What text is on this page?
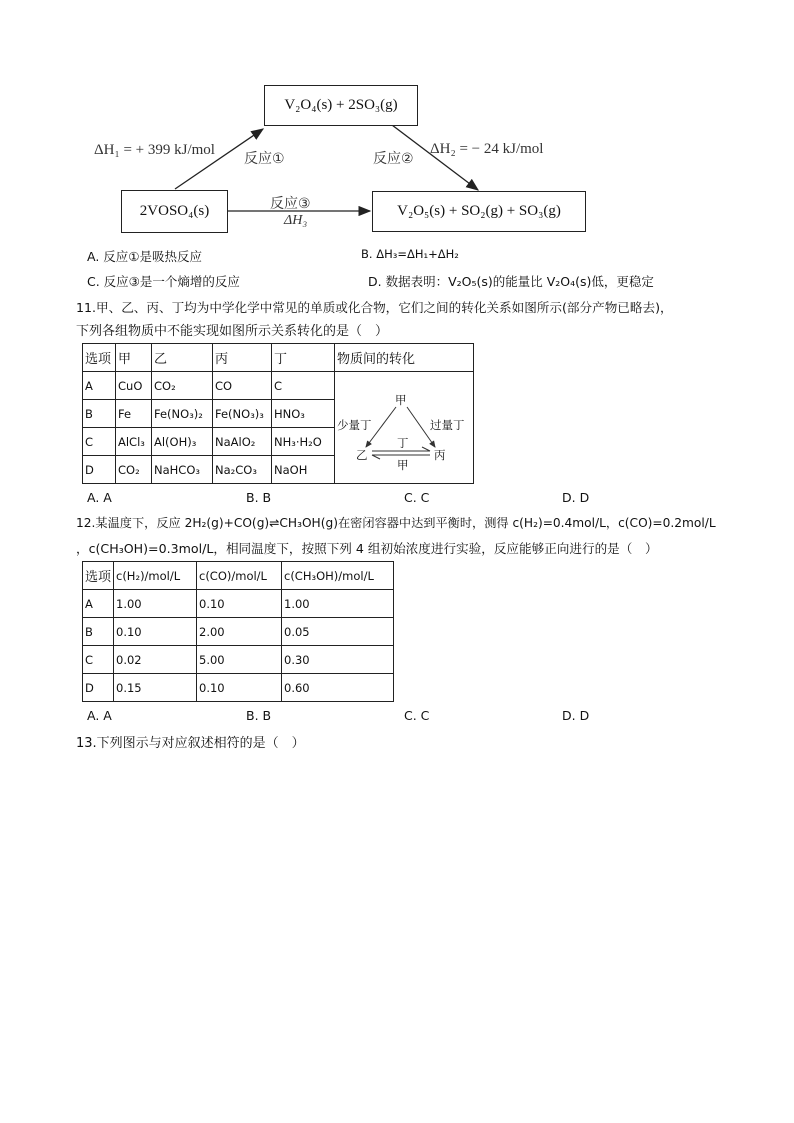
V₂O₄(s) + 2SO₃(g)
2VOSO₄(s)	V₂O₅(s) + SO₂(g) + SO₃(g)
ΔH₁ = + 399 kJ/mol
反应①	反应②
ΔH₂ = − 24 kJ/mol
反应③
ΔH₃
A. 反应①是吸热反应	B. ΔH₃=ΔH₁+ΔH₂
C. 反应③是一个熵增的反应	D. 数据表明：V₂O₅(s)的能量比 V₂O₄(s)低，更稳定
11.甲、乙、丙、丁均为中学化学中常见的单质或化合物，它们之间的转化关系如图所示(部分产物已略去)，
下列各组物质中不能实现如图所示关系转化的是（　）
选项	甲	乙	丙	丁	物质间的转化
A	CuO	CO₂	CO	C	
B	Fe	Fe(NO₃)₂	Fe(NO₃)₃	HNO₃	
C	AlCl₃	Al(OH)₃	NaAlO₂	NH₃·H₂O	
D	CO₂	NaHCO₃	Na₂CO₃	NaOH	
甲
少量丁	过量丁
丁
乙	丙
甲
A. A	B. B	C. C	D. D
12.某温度下，反应 2H₂(g)+CO(g)⇌CH₃OH(g)在密闭容器中达到平衡时，测得 c(H₂)=0.4mol/L，c(CO)=0.2mol/L
，c(CH₃OH)=0.3mol/L，相同温度下，按照下列 4 组初始浓度进行实验，反应能够正向进行的是（　）
选项	c(H₂)/mol/L	c(CO)/mol/L	c(CH₃OH)/mol/L
A	1.00	0.10	1.00
B	0.10	2.00	0.05
C	0.02	5.00	0.30
D	0.15	0.10	0.60
A. A	B. B	C. C	D. D
13.下列图示与对应叙述相符的是（　）
